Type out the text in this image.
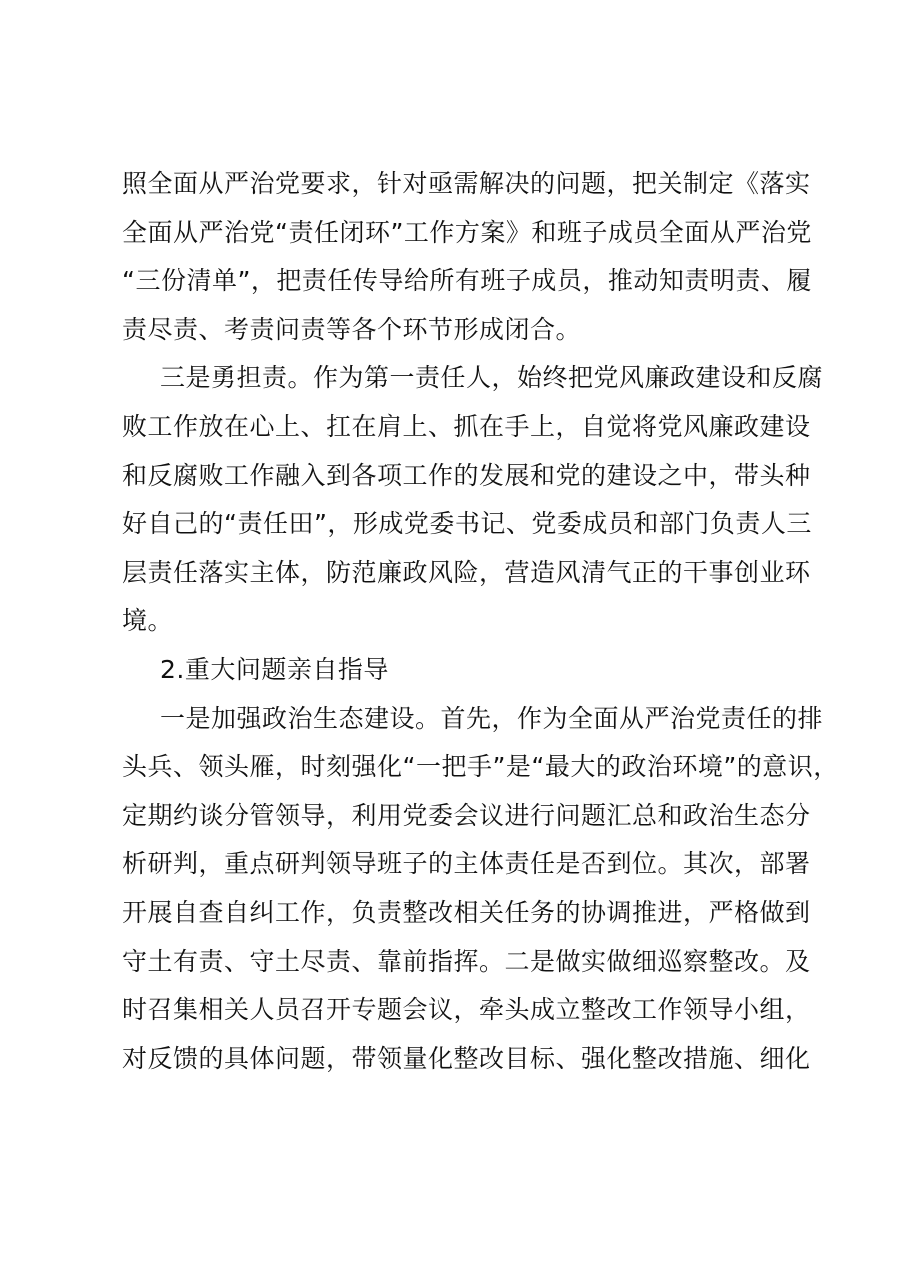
照全面从严治党要求，针对亟需解决的问题，把关制定《落实
全面从严治党“责任闭环”工作方案》和班子成员全面从严治党
“三份清单”，把责任传导给所有班子成员，推动知责明责、履
责尽责、考责问责等各个环节形成闭合。
三是勇担责。作为第一责任人，始终把党风廉政建设和反腐
败工作放在心上、扛在肩上、抓在手上，自觉将党风廉政建设
和反腐败工作融入到各项工作的发展和党的建设之中，带头种
好自己的“责任田”，形成党委书记、党委成员和部门负责人三
层责任落实主体，防范廉政风险，营造风清气正的干事创业环
境。
2.重大问题亲自指导
一是加强政治生态建设。首先，作为全面从严治党责任的排
头兵、领头雁，时刻强化“一把手”是“最大的政治环境”的意识，
定期约谈分管领导，利用党委会议进行问题汇总和政治生态分
析研判，重点研判领导班子的主体责任是否到位。其次，部署
开展自查自纠工作，负责整改相关任务的协调推进，严格做到
守土有责、守土尽责、靠前指挥。二是做实做细巡察整改。及
时召集相关人员召开专题会议，牵头成立整改工作领导小组，
对反馈的具体问题，带领量化整改目标、强化整改措施、细化
